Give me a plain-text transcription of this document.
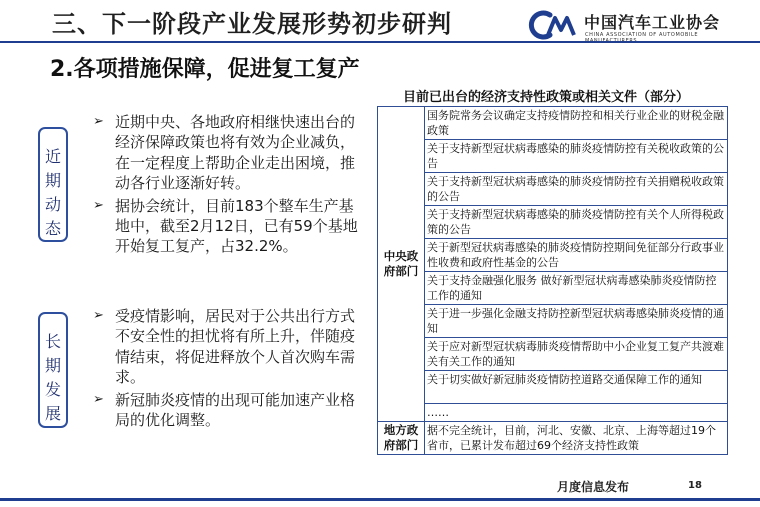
三、下一阶段产业发展形势初步研判	中国汽车工业协会
CHINA ASSOCIATION OF AUTOMOBILE
2.各项措施保障，促进复工复产
近
期
动
态
长
期
发
展
➢ 近期中央、各地政府相继快速出台的经济保障政策也将有效为企业减负，在一定程度上帮助企业走出困境，推动各行业逐渐好转。
➢ 据协会统计，目前183个整车生产基地中，截至2月12日，已有59个基地开始复工复产，占32.2%。
➢ 受疫情影响，居民对于公共出行方式不安全性的担忧将有所上升，伴随疫情结束，将促进释放个人首次购车需求。
➢ 新冠肺炎疫情的出现可能加速产业格局的优化调整。
目前已出台的经济支持性政策或相关文件（部分）
中央政府部门	国务院常务会议确定支持疫情防控和相关行业企业的财税金融政策
	关于支持新型冠状病毒感染的肺炎疫情防控有关税收政策的公告
	关于支持新型冠状病毒感染的肺炎疫情防控有关捐赠税收政策的公告
	关于支持新型冠状病毒感染的肺炎疫情防控有关个人所得税政策的公告
	关于新型冠状病毒感染的肺炎疫情防控期间免征部分行政事业性收费和政府性基金的公告
	关于支持金融强化服务 做好新型冠状病毒感染肺炎疫情防控工作的通知
	关于进一步强化金融支持防控新型冠状病毒感染肺炎疫情的通知
	关于应对新型冠状病毒肺炎疫情帮助中小企业复工复产共渡难关有关工作的通知
	关于切实做好新冠肺炎疫情防控道路交通保障工作的通知
	……
地方政府部门	据不完全统计，目前，河北、安徽、北京、上海等超过19个省市，已累计发布超过69个经济支持性政策
月度信息发布	18
